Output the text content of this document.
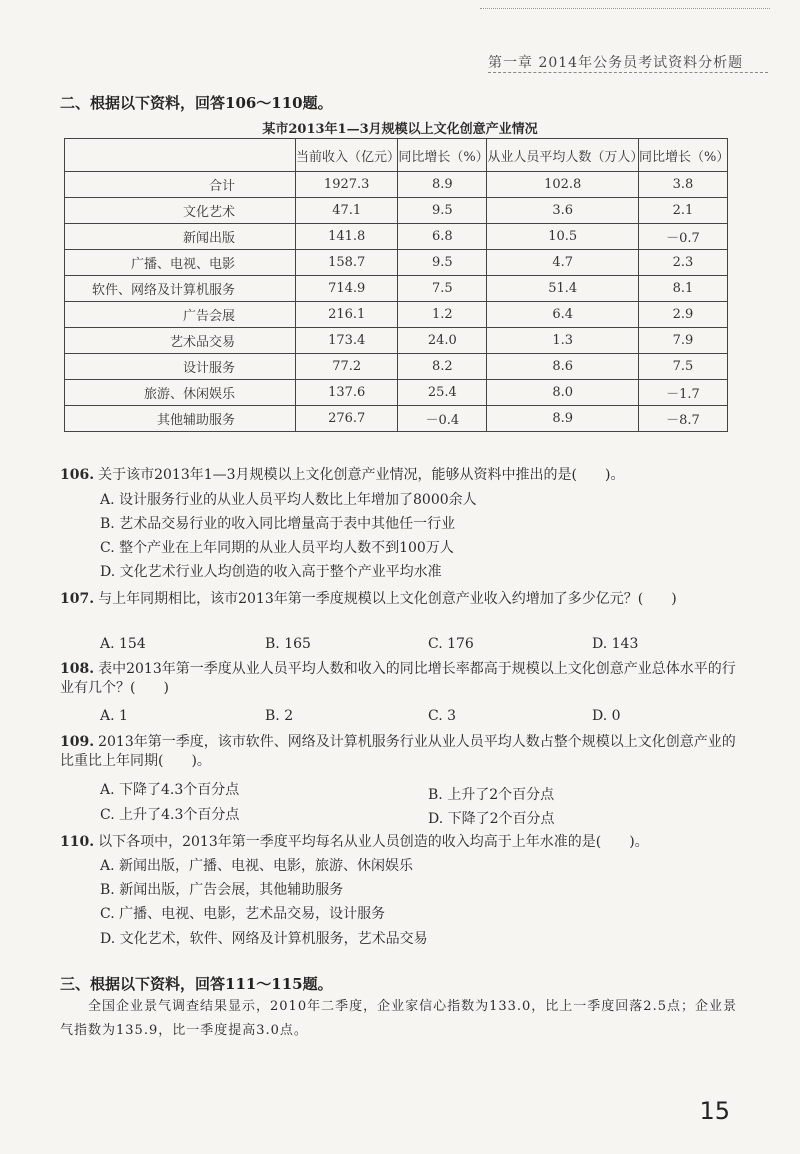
第一章 2014年公务员考试资料分析题
二、根据以下资料，回答106～110题。
某市2013年1—3月规模以上文化创意产业情况
	当前收入（亿元）	同比增长（%）	从业人员平均人数（万人）	同比增长（%）
合计	1927.3	8.9	102.8	3.8
文化艺术	47.1	9.5	3.6	2.1
新闻出版	141.8	6.8	10.5	－0.7
广播、电视、电影	158.7	9.5	4.7	2.3
软件、网络及计算机服务	714.9	7.5	51.4	8.1
广告会展	216.1	1.2	6.4	2.9
艺术品交易	173.4	24.0	1.3	7.9
设计服务	77.2	8.2	8.6	7.5
旅游、休闲娱乐	137.6	25.4	8.0	－1.7
其他辅助服务	276.7	－0.4	8.9	－8.7
106. 关于该市2013年1—3月规模以上文化创意产业情况，能够从资料中推出的是(　　)。
A. 设计服务行业的从业人员平均人数比上年增加了8000余人
B. 艺术品交易行业的收入同比增量高于表中其他任一行业
C. 整个产业在上年同期的从业人员平均人数不到100万人
D. 文化艺术行业人均创造的收入高于整个产业平均水准
107. 与上年同期相比，该市2013年第一季度规模以上文化创意产业收入约增加了多少亿元？(　　)
A. 154	B. 165	C. 176	D. 143
108. 表中2013年第一季度从业人员平均人数和收入的同比增长率都高于规模以上文化创意产业总体水平的行业有几个？(　　)
A. 1	B. 2	C. 3	D. 0
109. 2013年第一季度，该市软件、网络及计算机服务行业从业人员平均人数占整个规模以上文化创意产业的比重比上年同期(　　)。
A. 下降了4.3个百分点	B. 上升了2个百分点
C. 上升了4.3个百分点	D. 下降了2个百分点
110. 以下各项中，2013年第一季度平均每名从业人员创造的收入均高于上年水准的是(　　)。
A. 新闻出版，广播、电视、电影，旅游、休闲娱乐
B. 新闻出版，广告会展，其他辅助服务
C. 广播、电视、电影，艺术品交易，设计服务
D. 文化艺术，软件、网络及计算机服务，艺术品交易
三、根据以下资料，回答111～115题。
全国企业景气调查结果显示，2010年二季度，企业家信心指数为133.0，比上一季度回落2.5点；企业景气指数为135.9，比一季度提高3.0点。
15
